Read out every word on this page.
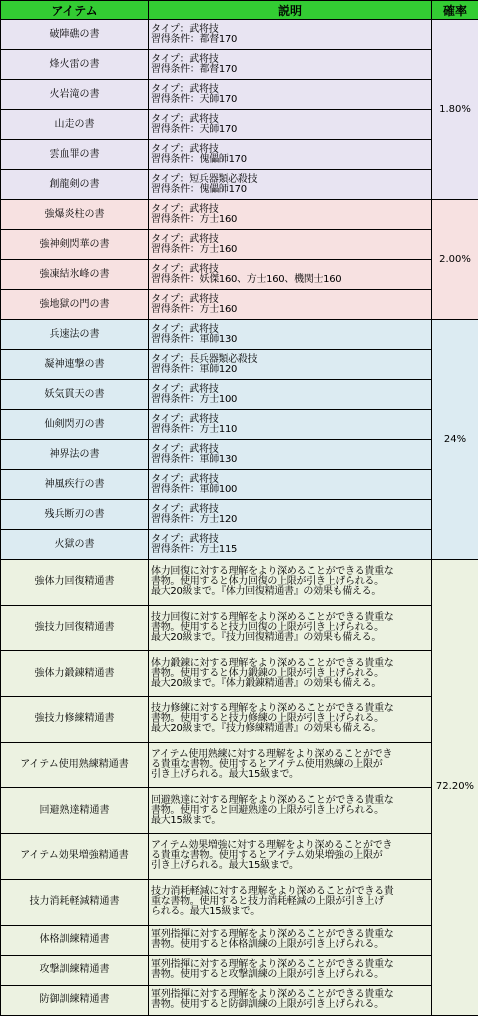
アイテム	説明	確率
破陣礁の書	タイプ：武将技
習得条件：都督170	1.80%
烽火雷の書	タイプ：武将技
習得条件：都督170	
火岩滝の書	タイプ：武将技
習得条件：天師170	
山走の書	タイプ：武将技
習得条件：天師170	
雲血罪の書	タイプ：武将技
習得条件：傀儡師170	
創龍剣の書	タイプ：短兵器類必殺技
習得条件：傀儡師170	
強爆炎柱の書	タイプ：武将技
習得条件：方士160	2.00%
強神剣閃華の書	タイプ：武将技
習得条件：方士160	
強凍結氷峰の書	タイプ：武将技
習得条件：妖傑160、方士160、機関士160	
強地獄の門の書	タイプ：武将技
習得条件：方士160	
兵速法の書	タイプ：武将技
習得条件：軍師130	24%
凝神連撃の書	タイプ：長兵器類必殺技
習得条件：軍師120	
妖気貫天の書	タイプ：武将技
習得条件：方士100	
仙剣閃刃の書	タイプ：武将技
習得条件：方士110	
神界法の書	タイプ：武将技
習得条件：軍師130	
神風疾行の書	タイプ：武将技
習得条件：軍師100	
残兵断刃の書	タイプ：武将技
習得条件：方士120	
火獄の書	タイプ：武将技
習得条件：方士115	
強体力回復精通書	体力回復に対する理解をより深めることができる貴重な
書物。使用すると体力回復の上限が引き上げられる。
最大20級まで。『体力回復精通書』の効果も備える。	72.20%
強技力回復精通書	技力回復に対する理解をより深めることができる貴重な
書物。使用すると技力回復の上限が引き上げられる。
最大20級まで。『技力回復精通書』の効果も備える。	
強体力鍛錬精通書	体力鍛錬に対する理解をより深めることができる貴重な
書物。使用すると体力鍛錬の上限が引き上げられる。
最大20級まで。『体力鍛錬精通書』の効果も備える。	
強技力修練精通書	技力修練に対する理解をより深めることができる貴重な
書物。使用すると技力修練の上限が引き上げられる。
最大20級まで。『技力修練精通書』の効果も備える。	
アイテム使用熟練精通書	アイテム使用熟練に対する理解をより深めることができ
る貴重な書物。使用するとアイテム使用熟練の上限が
引き上げられる。最大15級まで。	
回避熟達精通書	回避熟達に対する理解をより深めることができる貴重な
書物。使用すると回避熟達の上限が引き上げられる。
最大15級まで。	
アイテム効果増強精通書	アイテム効果増強に対する理解をより深めることができ
る貴重な書物。使用するとアイテム効果増強の上限が
引き上げられる。最大15級まで。	
技力消耗軽減精通書	技力消耗軽減に対する理解をより深めることができる貴
重な書物。使用すると技力消耗軽減の上限が引き上げ
られる。最大15級まで。	
体格訓練精通書	軍列指揮に対する理解をより深めることができる貴重な
書物。使用すると体格訓練の上限が引き上げられる。	
攻撃訓練精通書	軍列指揮に対する理解をより深めることができる貴重な
書物。使用すると攻撃訓練の上限が引き上げられる。	
防御訓練精通書	軍列指揮に対する理解をより深めることができる貴重な
書物。使用すると防御訓練の上限が引き上げられる。	
